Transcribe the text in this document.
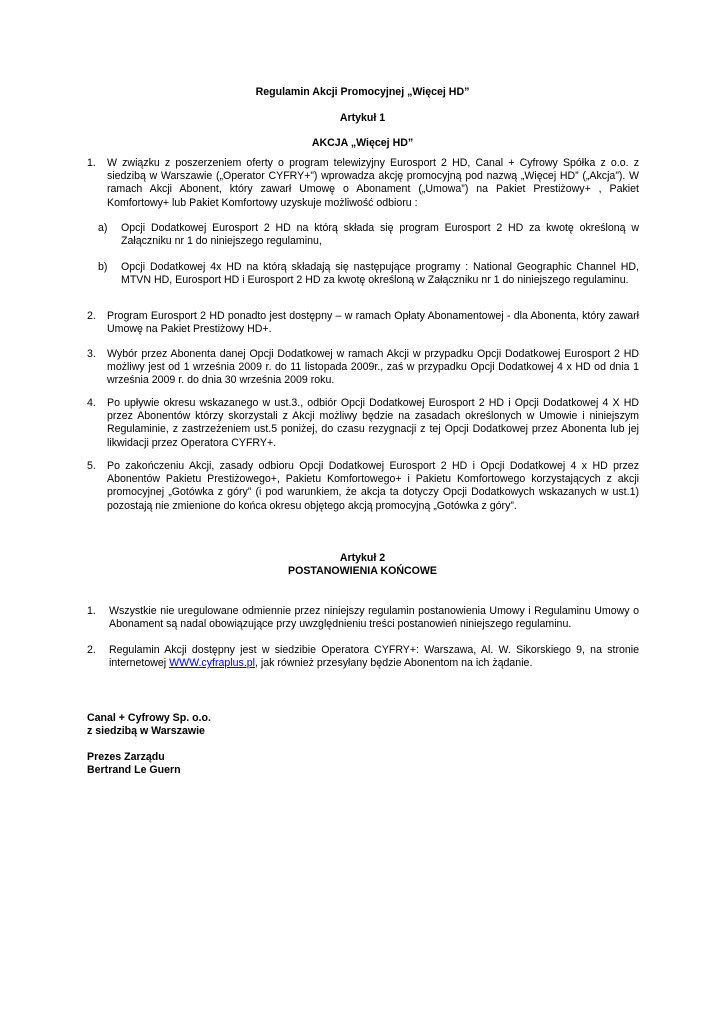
Regulamin Akcji Promocyjnej „Więcej HD”
Artykuł 1
AKCJA „Więcej HD”
1.	W związku z poszerzeniem oferty o program telewizyjny Eurosport 2 HD, Canal + Cyfrowy Spółka z o.o. z siedzibą w Warszawie („Operator CYFRY+”) wprowadza akcję promocyjną pod nazwą „Więcej HD” („Akcja”). W ramach Akcji Abonent, który zawarł Umowę o Abonament („Umowa”) na Pakiet Prestiżowy+ , Pakiet Komfortowy+ lub Pakiet Komfortowy uzyskuje możliwość odbioru :
a)	Opcji Dodatkowej Eurosport 2 HD na którą składa się program Eurosport 2 HD za kwotę określoną w Załączniku nr 1 do niniejszego regulaminu,
b)	Opcji Dodatkowej 4x HD na którą składają się następujące programy : National Geographic Channel HD, MTVN HD, Eurosport HD i Eurosport 2 HD za kwotę określoną w Załączniku nr 1 do niniejszego regulaminu.
2.	Program Eurosport 2 HD ponadto jest dostępny – w ramach Opłaty Abonamentowej - dla Abonenta, który zawarł Umowę na Pakiet Prestiżowy HD+.
3.	Wybór przez Abonenta danej Opcji Dodatkowej w ramach Akcji w przypadku Opcji Dodatkowej Eurosport 2 HD możliwy jest od 1 września 2009 r. do 11 listopada 2009r., zaś w przypadku Opcji Dodatkowej 4 x HD od dnia 1 września 2009 r. do dnia 30 września 2009 roku.
4.	Po upływie okresu wskazanego w ust.3., odbiór Opcji Dodatkowej Eurosport 2 HD i Opcji Dodatkowej 4 X HD przez Abonentów którzy skorzystali z Akcji możliwy będzie na zasadach określonych w Umowie i niniejszym Regulaminie, z zastrzeżeniem ust.5 poniżej, do czasu rezygnacji z tej Opcji Dodatkowej przez Abonenta lub jej likwidacji przez Operatora CYFRY+.
5.	Po zakończeniu Akcji, zasady odbioru Opcji Dodatkowej Eurosport 2 HD i Opcji Dodatkowej 4 x HD przez Abonentów Pakietu Prestiżowego+, Pakietu Komfortowego+ i Pakietu Komfortowego korzystających z akcji promocyjnej „Gotówka z góry” (i pod warunkiem, że akcja ta dotyczy Opcji Dodatkowych wskazanych w ust.1) pozostają nie zmienione do końca okresu objętego akcją promocyjną „Gotówka z góry”.
Artykuł 2
POSTANOWIENIA KOŃCOWE
1.	Wszystkie nie uregulowane odmiennie przez niniejszy regulamin postanowienia Umowy i Regulaminu Umowy o Abonament są nadal obowiązujące przy uwzględnieniu treści postanowień niniejszego regulaminu.
2.	Regulamin Akcji dostępny jest w siedzibie Operatora CYFRY+: Warszawa, Al. W. Sikorskiego 9, na stronie internetowej WWW.cyfraplus.pl, jak również przesyłany będzie Abonentom na ich żądanie.
Canal + Cyfrowy Sp. o.o.
z siedzibą w Warszawie
Prezes Zarządu
Bertrand Le Guern
